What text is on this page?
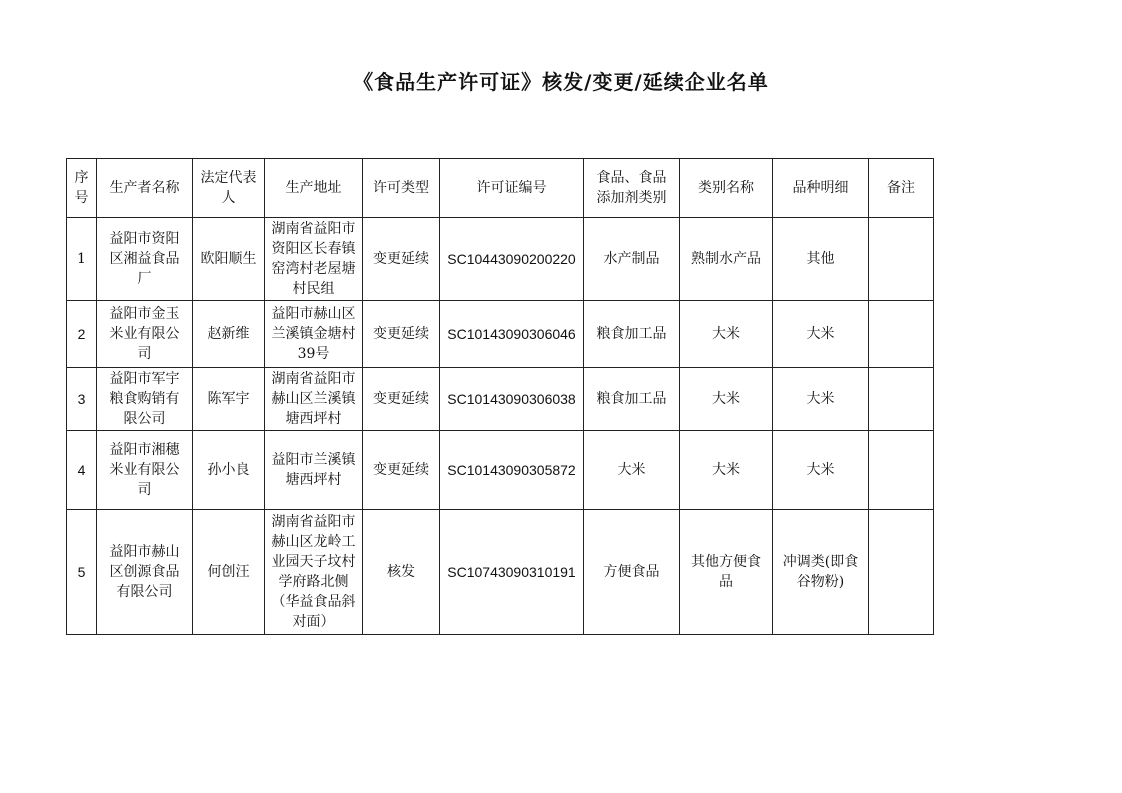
《食品生产许可证》核发/变更/延续企业名单
序号	生产者名称	法定代表人	生产地址	许可类型	许可证编号	食品、食品添加剂类别	类别名称	品种明细	备注
1	益阳市资阳区湘益食品厂	欧阳顺生	湖南省益阳市资阳区长春镇窑湾村老屋塘村民组	变更延续	SC10443090200220	水产制品	熟制水产品	其他	
2	益阳市金玉米业有限公司	赵新维	益阳市赫山区兰溪镇金塘村39号	变更延续	SC10143090306046	粮食加工品	大米	大米	
3	益阳市军宇粮食购销有限公司	陈军宇	湖南省益阳市赫山区兰溪镇塘西坪村	变更延续	SC10143090306038	粮食加工品	大米	大米	
4	益阳市湘穗米业有限公司	孙小良	益阳市兰溪镇塘西坪村	变更延续	SC10143090305872	大米	大米	大米	
5	益阳市赫山区创源食品有限公司	何创汪	湖南省益阳市赫山区龙岭工业园天子坟村学府路北侧（华益食品斜对面）	核发	SC10743090310191	方便食品	其他方便食品	冲调类(即食谷物粉)	
